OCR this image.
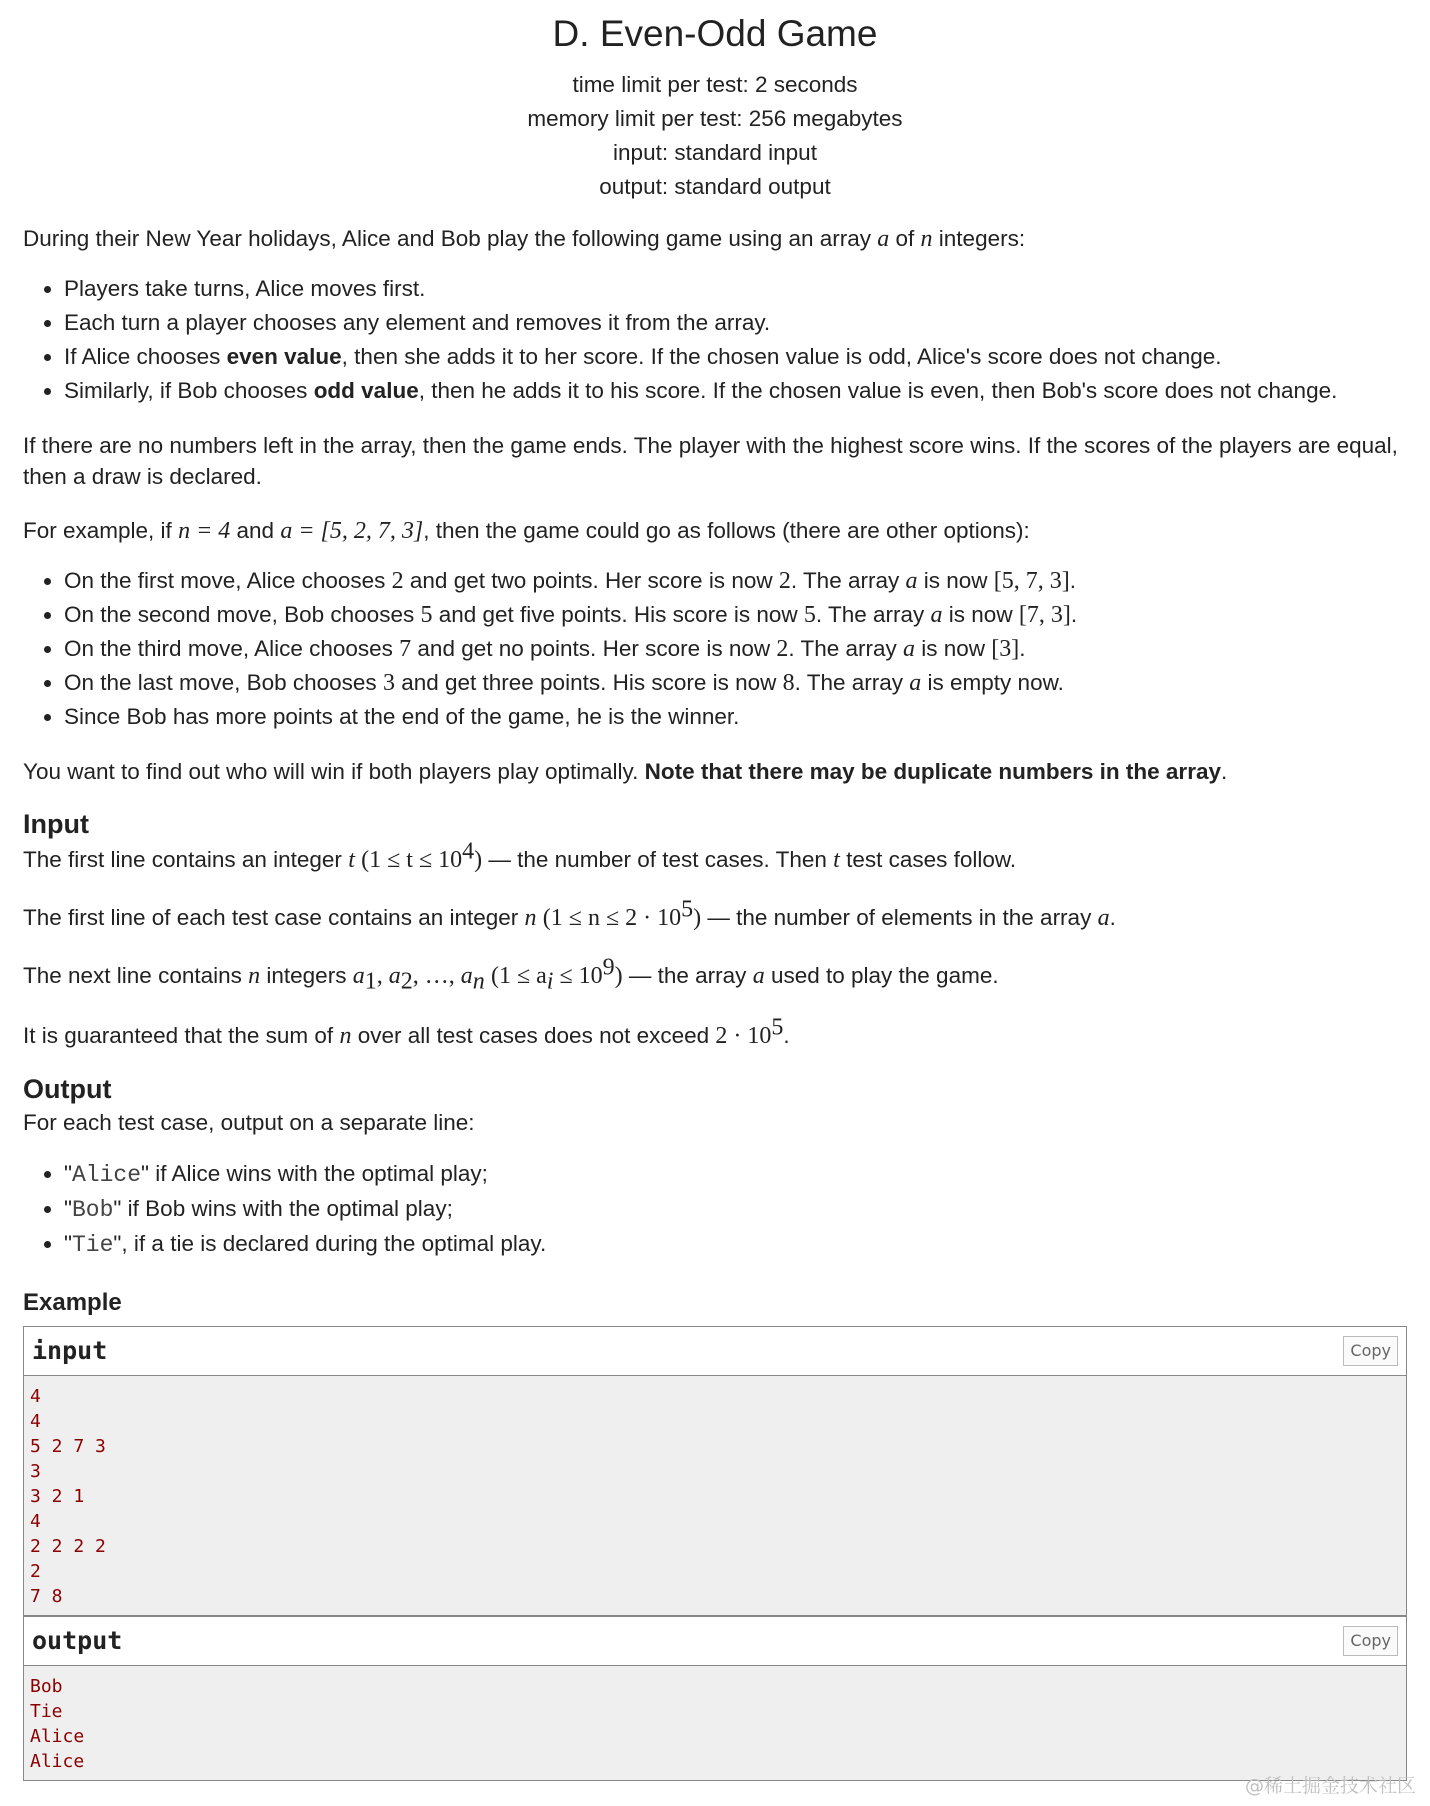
D. Even-Odd Game
time limit per test: 2 seconds
memory limit per test: 256 megabytes
input: standard input
output: standard output

During their New Year holidays, Alice and Bob play the following game using an array a of n integers:

• Players take turns, Alice moves first.
• Each turn a player chooses any element and removes it from the array.
• If Alice chooses even value, then she adds it to her score. If the chosen value is odd, Alice's score does not change.
• Similarly, if Bob chooses odd value, then he adds it to his score. If the chosen value is even, then Bob's score does not change.

If there are no numbers left in the array, then the game ends. The player with the highest score wins. If the scores of the players are equal, then a draw is declared.

For example, if n = 4 and a = [5, 2, 7, 3], then the game could go as follows (there are other options):

• On the first move, Alice chooses 2 and get two points. Her score is now 2. The array a is now [5, 7, 3].
• On the second move, Bob chooses 5 and get five points. His score is now 5. The array a is now [7, 3].
• On the third move, Alice chooses 7 and get no points. Her score is now 2. The array a is now [3].
• On the last move, Bob chooses 3 and get three points. His score is now 8. The array a is empty now.
• Since Bob has more points at the end of the game, he is the winner.

You want to find out who will win if both players play optimally. Note that there may be duplicate numbers in the array.

Input

The first line contains an integer t $(1 \le t \le 10^4)$ — the number of test cases. Then t test cases follow.

The first line of each test case contains an integer n $(1 \le n \le 2 \cdot 10^5)$ — the number of elements in the array a.

The next line contains n integers $a_1$, $a_2$, …, $a_n$ $(1 \le a_i \le 10^9)$ — the array a used to play the game.

It is guaranteed that the sum of n over all test cases does not exceed $2 \cdot 10^5$.

Output

For each test case, output on a separate line:

• "Alice" if Alice wins with the optimal play;
• "Bob" if Bob wins with the optimal play;
• "Tie", if a tie is declared during the optimal play.
Example
input	Copy
4
4
5 2 7 3
3
3 2 1
4
2 2 2 2
2
7 8
output	Copy
Bob
Tie
Alice
Alice
@稀土掘金技术社区
